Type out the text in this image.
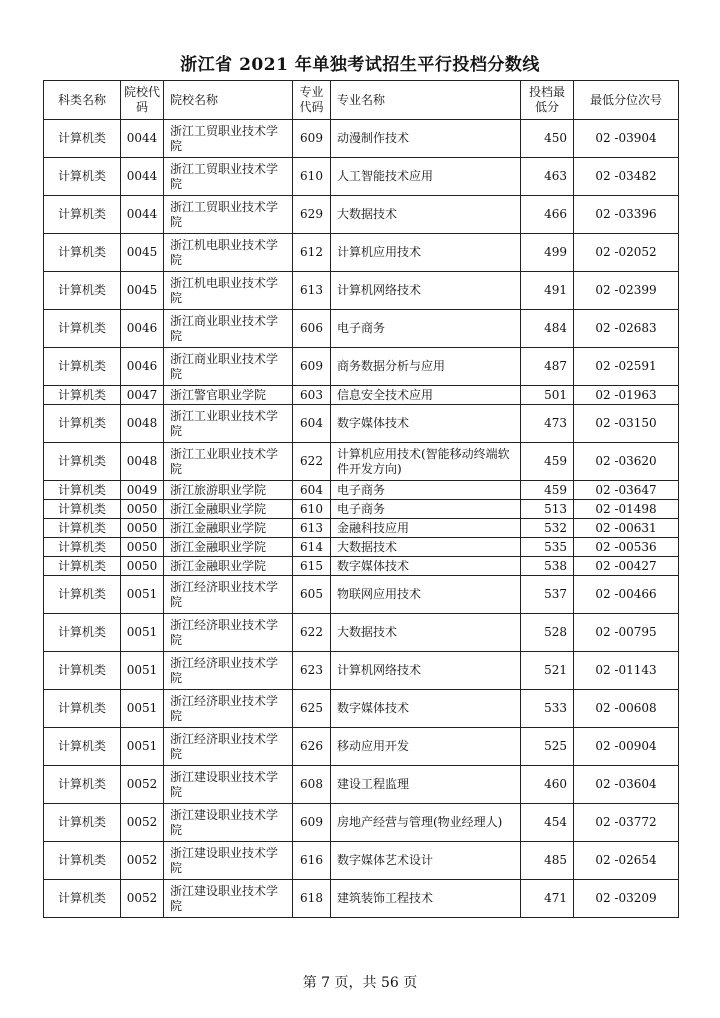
浙江省 2021 年单独考试招生平行投档分数线
科类名称	院校代码	院校名称	专业代码	专业名称	投档最低分	最低分位次号
计算机类	0044	浙江工贸职业技术学院	609	动漫制作技术	450	02 -03904
计算机类	0044	浙江工贸职业技术学院	610	人工智能技术应用	463	02 -03482
计算机类	0044	浙江工贸职业技术学院	629	大数据技术	466	02 -03396
计算机类	0045	浙江机电职业技术学院	612	计算机应用技术	499	02 -02052
计算机类	0045	浙江机电职业技术学院	613	计算机网络技术	491	02 -02399
计算机类	0046	浙江商业职业技术学院	606	电子商务	484	02 -02683
计算机类	0046	浙江商业职业技术学院	609	商务数据分析与应用	487	02 -02591
计算机类	0047	浙江警官职业学院	603	信息安全技术应用	501	02 -01963
计算机类	0048	浙江工业职业技术学院	604	数字媒体技术	473	02 -03150
计算机类	0048	浙江工业职业技术学院	622	计算机应用技术(智能移动终端软件开发方向)	459	02 -03620
计算机类	0049	浙江旅游职业学院	604	电子商务	459	02 -03647
计算机类	0050	浙江金融职业学院	610	电子商务	513	02 -01498
计算机类	0050	浙江金融职业学院	613	金融科技应用	532	02 -00631
计算机类	0050	浙江金融职业学院	614	大数据技术	535	02 -00536
计算机类	0050	浙江金融职业学院	615	数字媒体技术	538	02 -00427
计算机类	0051	浙江经济职业技术学院	605	物联网应用技术	537	02 -00466
计算机类	0051	浙江经济职业技术学院	622	大数据技术	528	02 -00795
计算机类	0051	浙江经济职业技术学院	623	计算机网络技术	521	02 -01143
计算机类	0051	浙江经济职业技术学院	625	数字媒体技术	533	02 -00608
计算机类	0051	浙江经济职业技术学院	626	移动应用开发	525	02 -00904
计算机类	0052	浙江建设职业技术学院	608	建设工程监理	460	02 -03604
计算机类	0052	浙江建设职业技术学院	609	房地产经营与管理(物业经理人)	454	02 -03772
计算机类	0052	浙江建设职业技术学院	616	数字媒体艺术设计	485	02 -02654
计算机类	0052	浙江建设职业技术学院	618	建筑装饰工程技术	471	02 -03209
第 7 页，共 56 页
